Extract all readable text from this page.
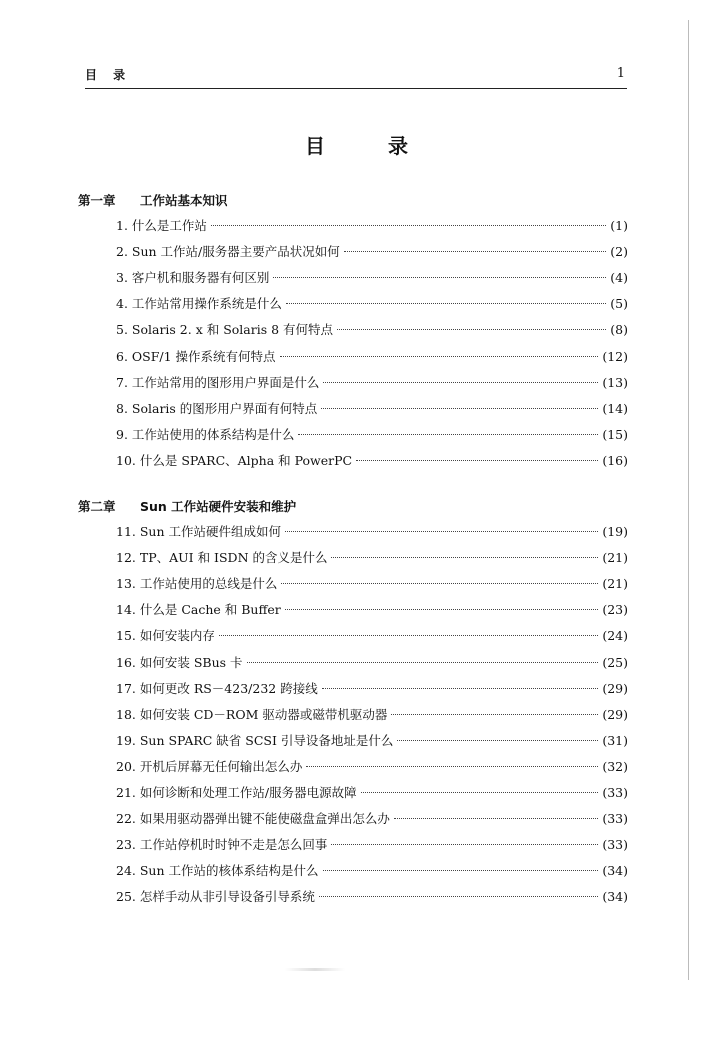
目 录	1
目 录
第一章 工作站基本知识
1. 什么是工作站	(1)
2. Sun 工作站/服务器主要产品状况如何	(2)
3. 客户机和服务器有何区别	(4)
4. 工作站常用操作系统是什么	(5)
5. Solaris 2. x 和 Solaris 8 有何特点	(8)
6. OSF/1 操作系统有何特点	(12)
7. 工作站常用的图形用户界面是什么	(13)
8. Solaris 的图形用户界面有何特点	(14)
9. 工作站使用的体系结构是什么	(15)
10. 什么是 SPARC、Alpha 和 PowerPC	(16)
第二章 Sun 工作站硬件安装和维护
11. Sun 工作站硬件组成如何	(19)
12. TP、AUI 和 ISDN 的含义是什么	(21)
13. 工作站使用的总线是什么	(21)
14. 什么是 Cache 和 Buffer	(23)
15. 如何安装内存	(24)
16. 如何安装 SBus 卡	(25)
17. 如何更改 RS－423/232 跨接线	(29)
18. 如何安装 CD－ROM 驱动器或磁带机驱动器	(29)
19. Sun SPARC 缺省 SCSI 引导设备地址是什么	(31)
20. 开机后屏幕无任何输出怎么办	(32)
21. 如何诊断和处理工作站/服务器电源故障	(33)
22. 如果用驱动器弹出键不能使磁盘盒弹出怎么办	(33)
23. 工作站停机时时钟不走是怎么回事	(33)
24. Sun 工作站的核体系结构是什么	(34)
25. 怎样手动从非引导设备引导系统	(34)
